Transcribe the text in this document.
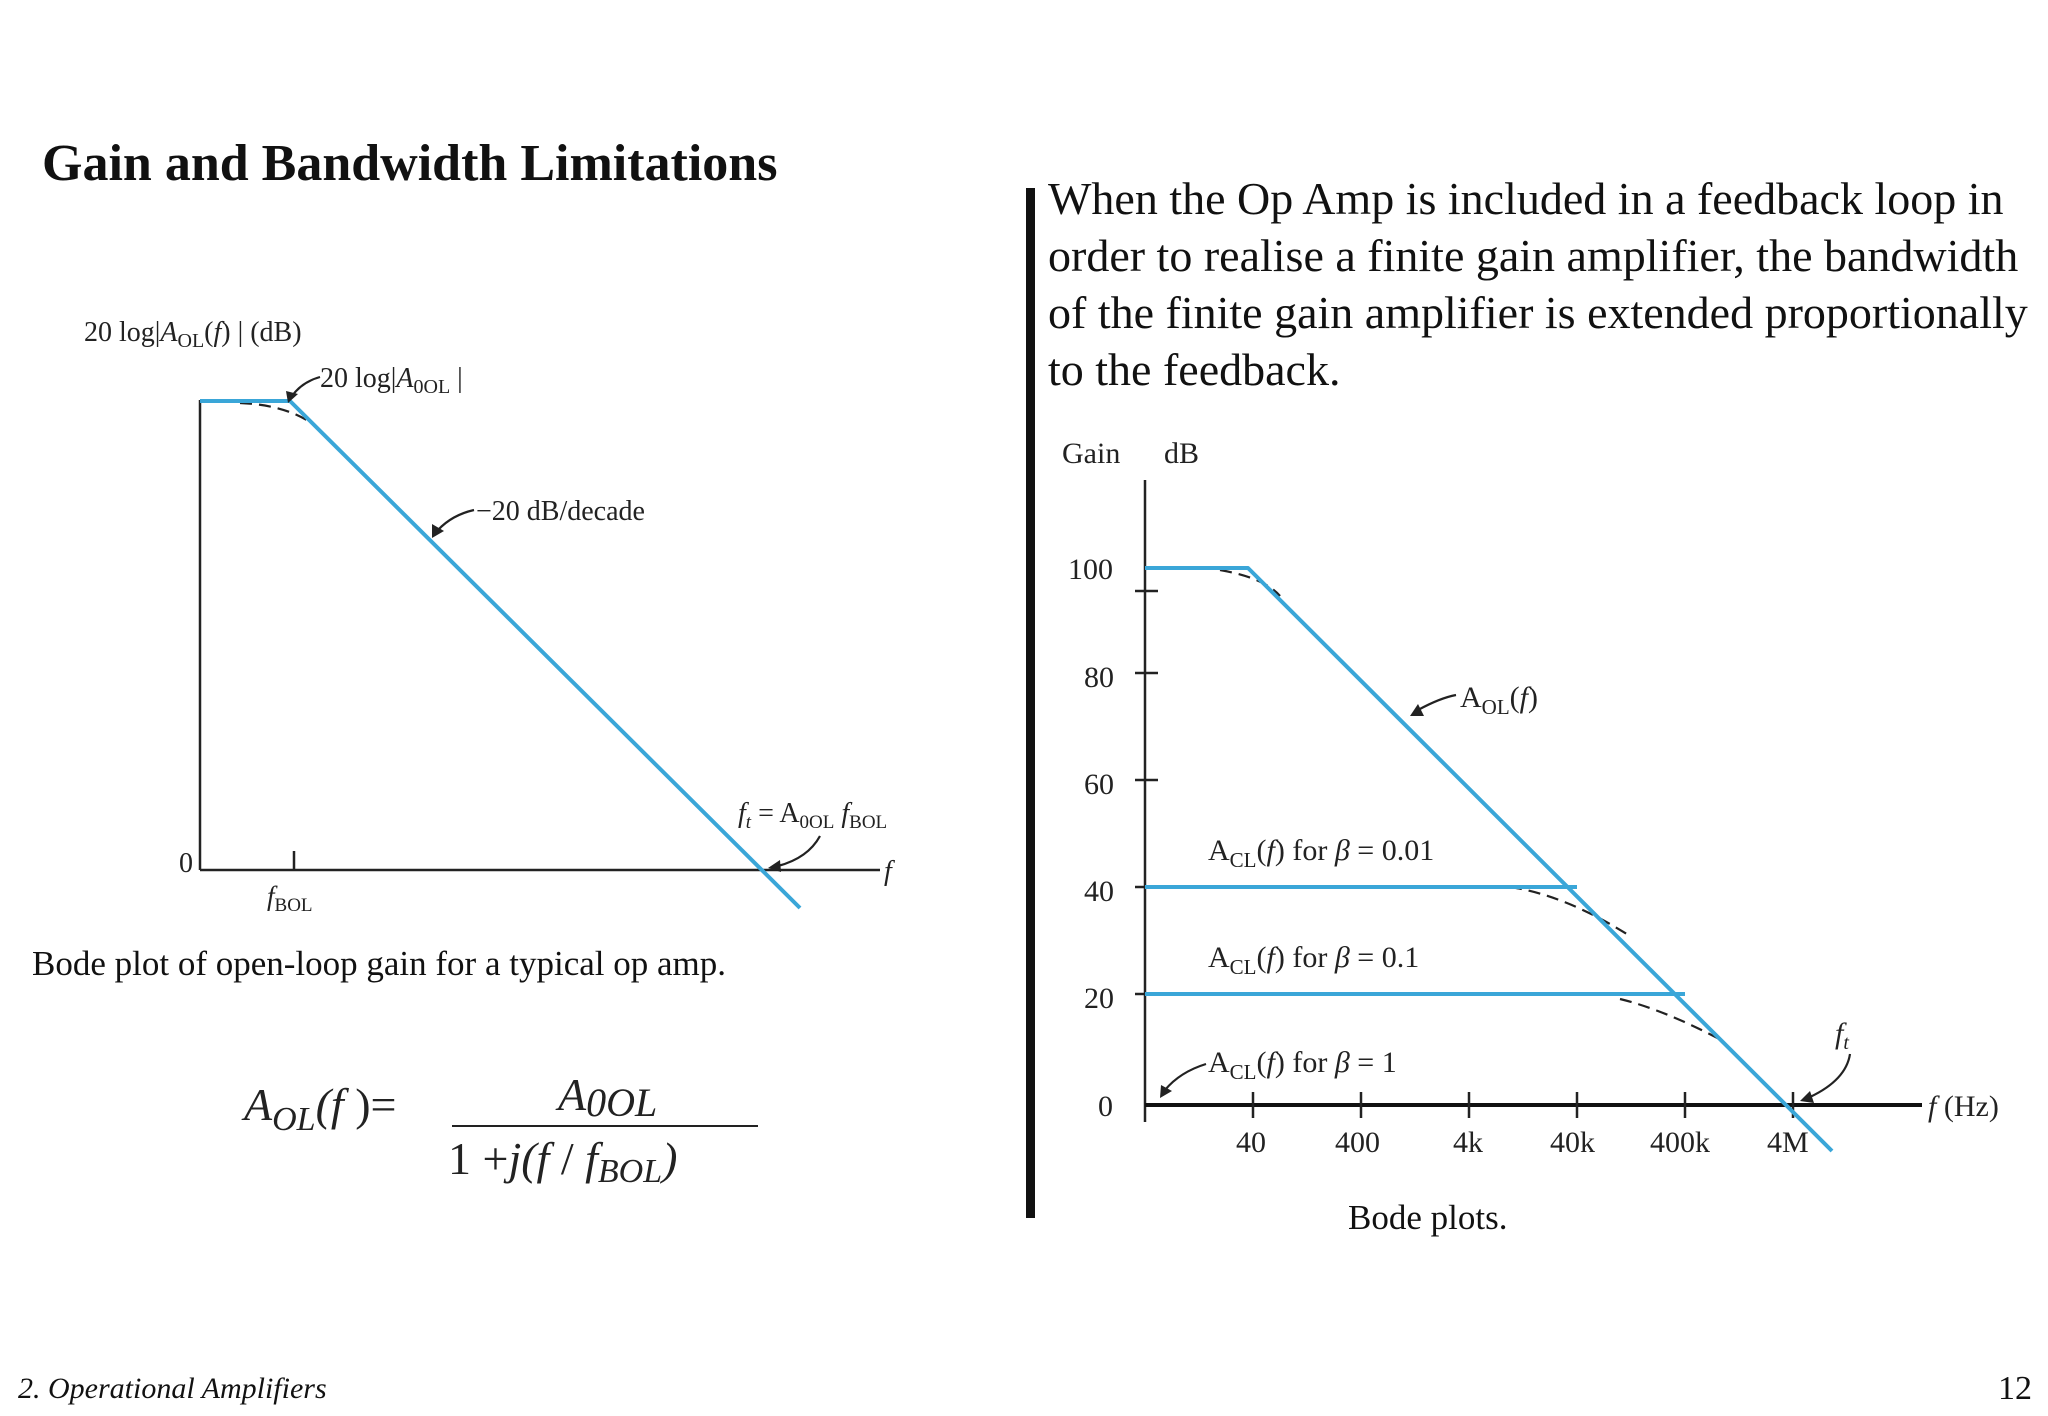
Gain and Bandwidth Limitations
When the Op Amp is included in a feedback loop in order to realise a finite gain amplifier, the bandwidth of the finite gain amplifier is extended proportionally to the feedback.
20 $\log|A_{OL}(f)$ | (dB)
0
$f_{BOL}$
f
20 $\log|A_{0OL}$ |
−20 dB/decade
$f_t = A_{0OL}$ $f_{BOL}$
Bode plot of open-loop gain for a typical op amp.
$A_{OL}(f$ )=	A0OL
1 +j(f / fBOL)
Gain dB
100
80
60
40
20
0
40 400 4k 40k 400k 4M
f (Hz)
$A_{OL}(f)$
$A_{CL}(f)$ for β = 0.01
$A_{CL}(f)$ for β = 0.1
$A_{CL}(f)$ for β = 1
$f_t$
Bode plots.
2. Operational Amplifiers	12
